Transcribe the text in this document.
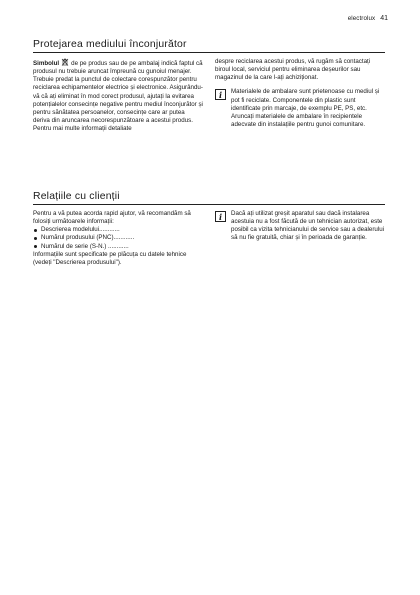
electrolux 41
Protejarea mediului înconjurător

Simbolul de pe produs sau de pe ambalaj indică faptul că produsul nu trebuie aruncat împreună cu gunoiul menajer. Trebuie predat la punctul de colectare corespunzător pentru reciclarea echipamentelor electrice și electronice. Asigurându-vă că ați eliminat în mod corect produsul, ajutați la evitarea potențialelor consecințe negative pentru mediul înconjurător și pentru sănătatea persoanelor, consecințe care ar putea deriva din aruncarea necorespunzătoare a acestui produs. Pentru mai multe informații detaliate

despre reciclarea acestui produs, vă rugăm să contactați biroul local, serviciul pentru eliminarea deșeurilor sau magazinul de la care l-ați achiziționat.

i	Materialele de ambalare sunt prietenoase cu mediul și pot fi reciclate. Componentele din plastic sunt identificate prin marcaje, de exemplu PE, PS, etc. Aruncați materialele de ambalare în recipientele adecvate din instalațiile pentru gunoi comunitare.
Relațiile cu clienții

Pentru a vă putea acorda rapid ajutor, vă recomandăm să folosiți următoarele informații:

Descrierea modelului............
Numărul produsului (PNC)............
Numărul de serie (S-N.) ............

Informațiile sunt specificate pe plăcuța cu datele tehnice (vedeți "Descrierea produsului").

i	Dacă ați utilizat greșit aparatul sau dacă instalarea acestuia nu a fost făcută de un tehnician autorizat, este posibil ca vizita tehnicianului de service sau a dealerului să nu fie gratuită, chiar și în perioada de garanție.
